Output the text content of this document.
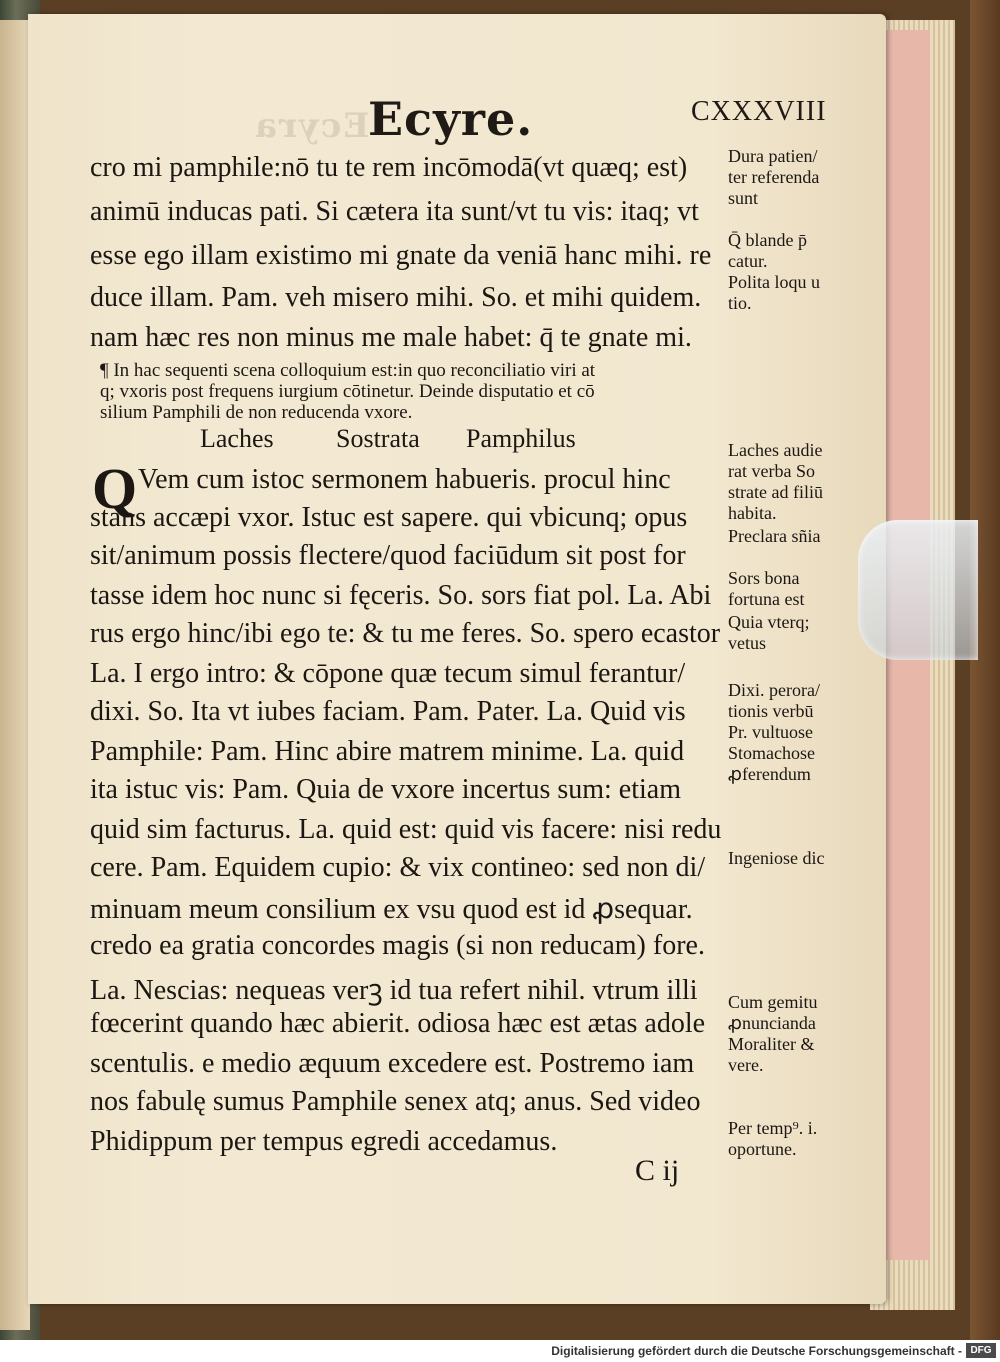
Ecyra
Ecyre.	CXXXVIII
cro mi pamphile:nō tu te rem incōmodā(vt quæq; est)
animū inducas pati. Si cætera ita sunt/vt tu vis: itaq; vt
esse ego illam existimo mi gnate da veniā hanc mihi. re
duce illam. Pam. veh misero mihi. So. et mihi quidem.
nam hæc res non minus me male habet: q̄ te gnate mi.
¶ In hac sequenti scena colloquium est:in quo reconciliatio viri at
q; vxoris post frequens iurgium cōtinetur. Deinde disputatio et cō
silium Pamphili de non reducenda vxore.
Laches Sostrata Pamphilus
Q Vem cum istoc sermonem habueris. procul hinc
stans accæpi vxor. Istuc est sapere. qui vbicunq; opus
sit/animum possis flectere/quod faciūdum sit post for
tasse idem hoc nunc si fęceris. So. sors fiat pol. La. Abi
rus ergo hinc/ibi ego te: & tu me feres. So. spero ecastor
La. I ergo intro: & cōpone quæ tecum simul ferantur/
dixi. So. Ita vt iubes faciam. Pam. Pater. La. Quid vis
Pamphile: Pam. Hinc abire matrem minime. La. quid
ita istuc vis: Pam. Quia de vxore incertus sum: etiam
quid sim facturus. La. quid est: quid vis facere: nisi redu
cere. Pam. Equidem cupio: & vix contineo: sed non di/
minuam meum consilium ex vsu quod est id ꝓsequar.
credo ea gratia concordes magis (si non reducam) fore.
La. Nescias: nequeas verꝫ id tua refert nihil. vtrum illi
fœcerint quando hæc abierit. odiosa hæc est ætas adole
scentulis. e medio æquum excedere est. Postremo iam
nos fabulę sumus Pamphile senex atq; anus. Sed video
Phidippum per tempus egredi accedamus.
C ij
Dura patien/
ter referenda
sunt
Q̄ blande p̄
catur.
Polita loqu u
tio.
Laches audie
rat verba So
strate ad filiū
habita.
Preclara sñia
Sors bona
fortuna est
Quia vterq;
vetus
Dixi. perora/
tionis verbū
Pr. vultuose
Stomachose
ꝓferendum
Ingeniose dic
Cum gemitu
ꝓnuncianda
Moraliter &
vere.
Per temp⁹. i.
oportune.
Digitalisierung gefördert durch die Deutsche Forschungsgemeinschaft - DFG
